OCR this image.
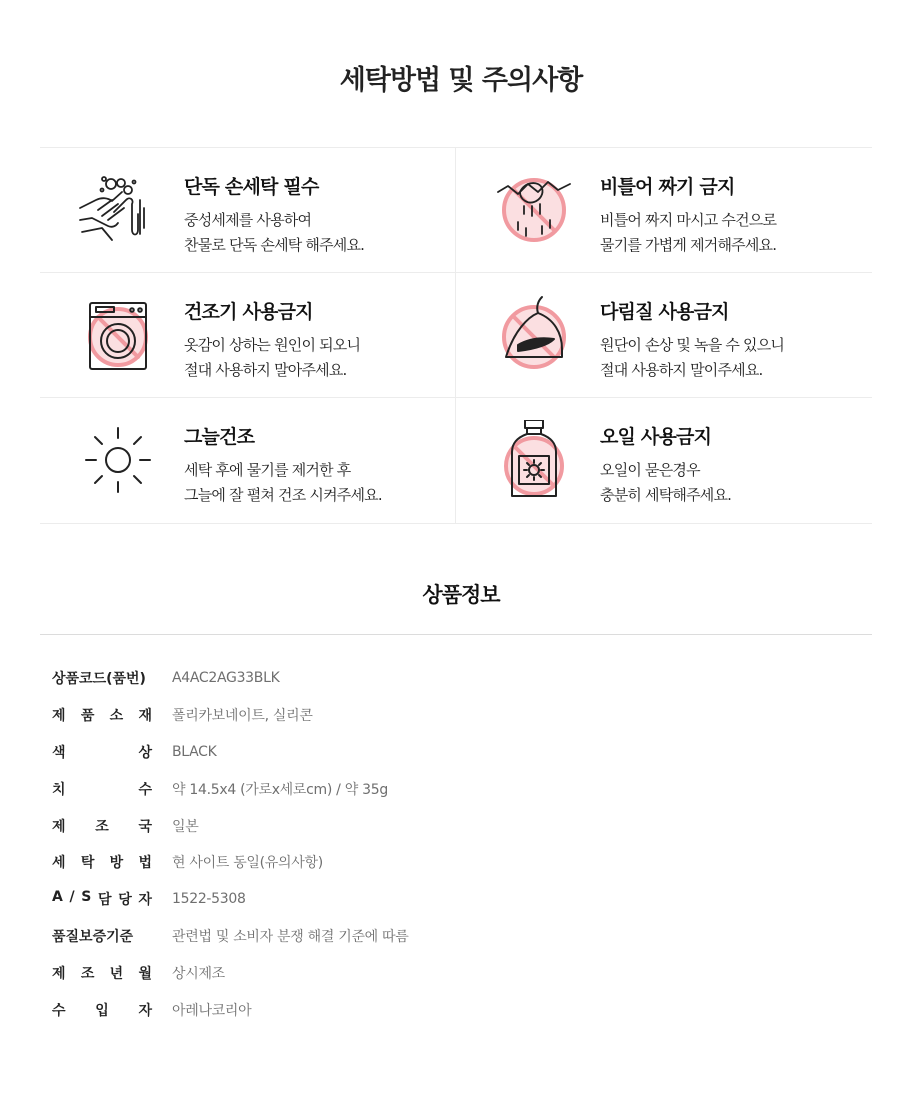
세탁방법 및 주의사항
단독 손세탁 필수
중성세제를 사용하여
찬물로 단독 손세탁 해주세요.
비틀어 짜기 금지
비틀어 짜지 마시고 수건으로
물기를 가볍게 제거해주세요.
건조기 사용금지
옷감이 상하는 원인이 되오니
절대 사용하지 말아주세요.
다림질 사용금지
원단이 손상 및 녹을 수 있으니
절대 사용하지 말이주세요.
그늘건조
세탁 후에 물기를 제거한 후
그늘에 잘 펼쳐 건조 시켜주세요.
오일 사용금지
오일이 묻은경우
충분히 세탁해주세요.
상품정보
상품코드(품번) A4AC2AG33BLK
제 품 소 재 폴리카보네이트, 실리콘
색	상 BLACK
치	수 약 14.5x4 (가로x세로cm) / 약 35g
제 조 국 일본
세 탁 방 법 현 사이트 동일(유의사항)
A / S 담 당 자 1522-5308
품질보증기준	관련법 및 소비자 분쟁 해결 기준에 따름
제 조 년 월 상시제조
수 입 자 아레나코리아
